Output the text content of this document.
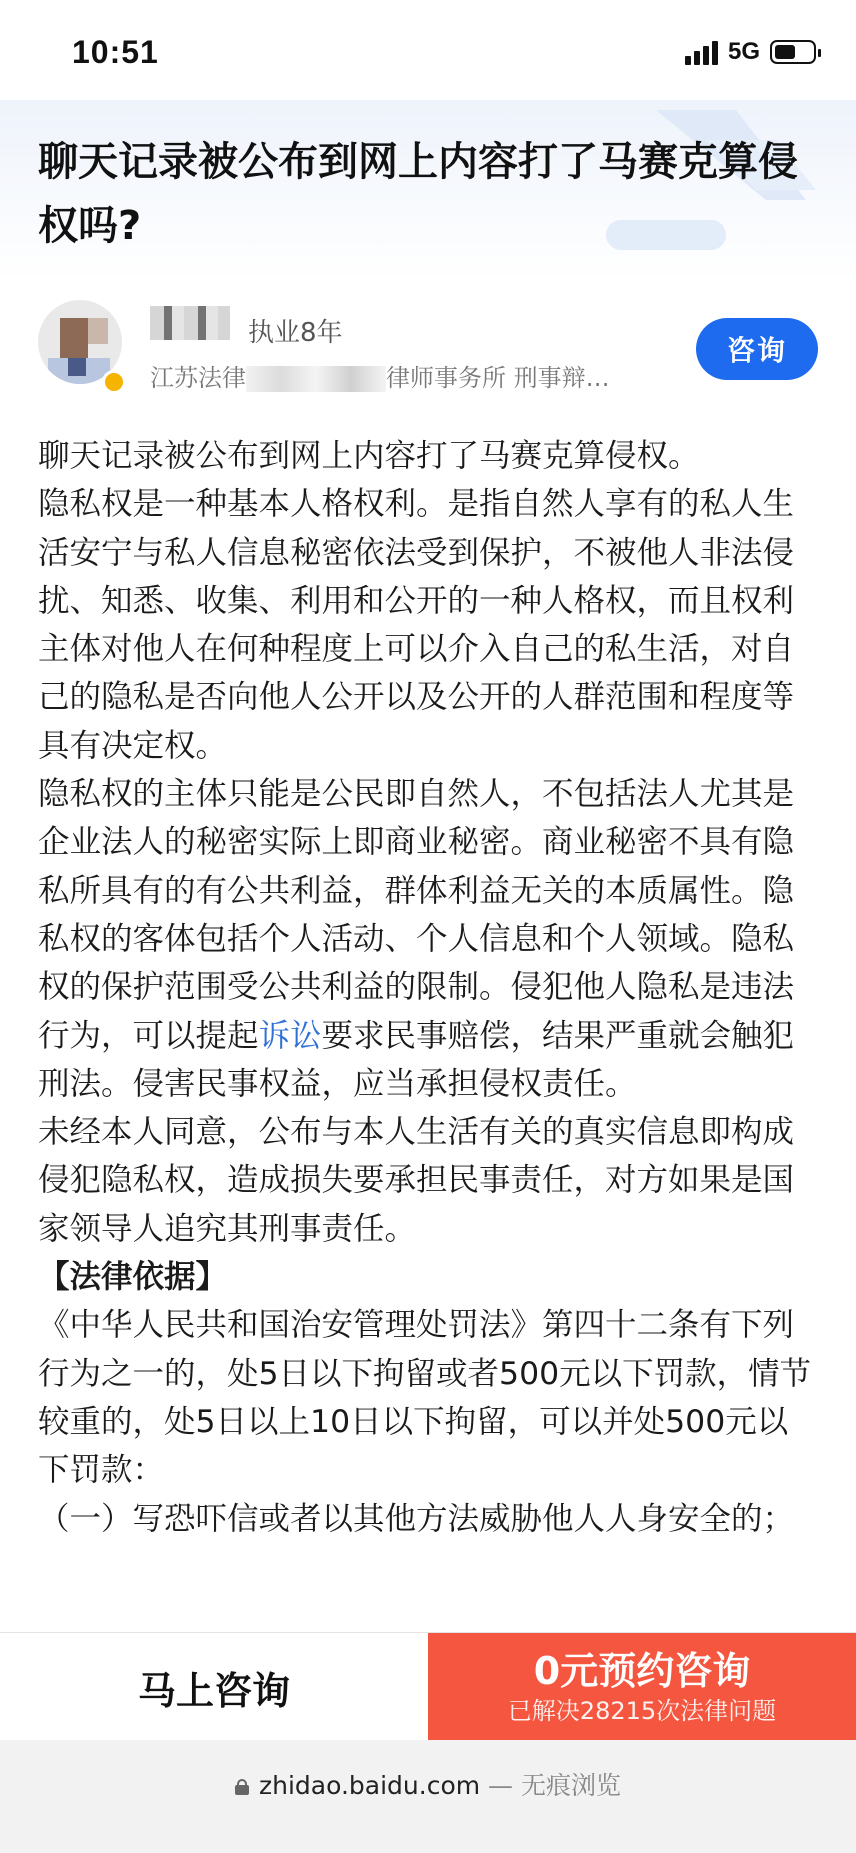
10:51	5G
聊天记录被公布到网上内容打了马赛克算侵权吗?
执业8年
江苏法律	律师事务所 刑事辩…
咨询

聊天记录被公布到网上内容打了马赛克算侵权。

隐私权是一种基本人格权利。是指自然人享有的私人生活安宁与私人信息秘密依法受到保护，不被他人非法侵扰、知悉、收集、利用和公开的一种人格权，而且权利主体对他人在何种程度上可以介入自己的私生活，对自己的隐私是否向他人公开以及公开的人群范围和程度等具有决定权。

隐私权的主体只能是公民即自然人，不包括法人尤其是企业法人的秘密实际上即商业秘密。商业秘密不具有隐私所具有的有公共利益，群体利益无关的本质属性。隐私权的客体包括个人活动、个人信息和个人领域。隐私权的保护范围受公共利益的限制。侵犯他人隐私是违法行为，可以提起诉讼要求民事赔偿，结果严重就会触犯刑法。侵害民事权益，应当承担侵权责任。

未经本人同意，公布与本人生活有关的真实信息即构成侵犯隐私权，造成损失要承担民事责任，对方如果是国家领导人追究其刑事责任。

【法律依据】

《中华人民共和国治安管理处罚法》第四十二条有下列行为之一的，处5日以下拘留或者500元以下罚款，情节较重的，处5日以上10日以下拘留，可以并处500元以下罚款：

（一）写恐吓信或者以其他方法威胁他人人身安全的；

马上咨询	0元预约咨询
已解决28215次法律问题
zhidao.baidu.com — 无痕浏览
